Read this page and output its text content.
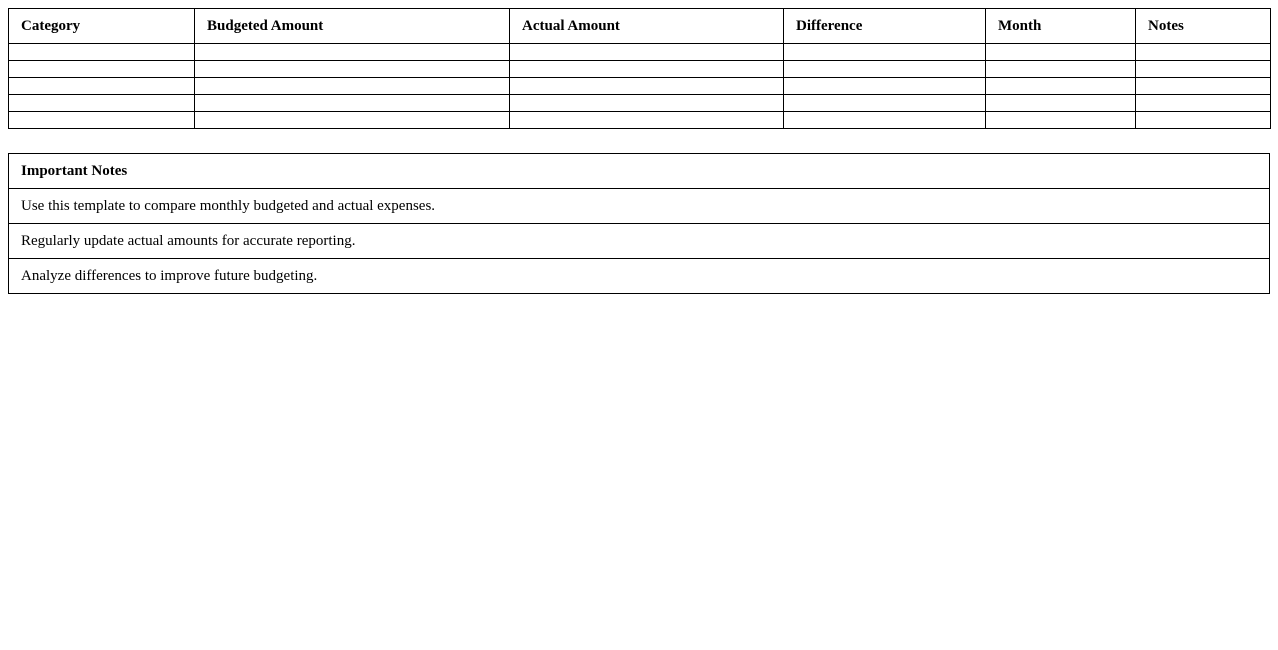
Category	Budgeted Amount	Actual Amount	Difference	Month	Notes

Important Notes
Use this template to compare monthly budgeted and actual expenses.
Regularly update actual amounts for accurate reporting.
Analyze differences to improve future budgeting.
